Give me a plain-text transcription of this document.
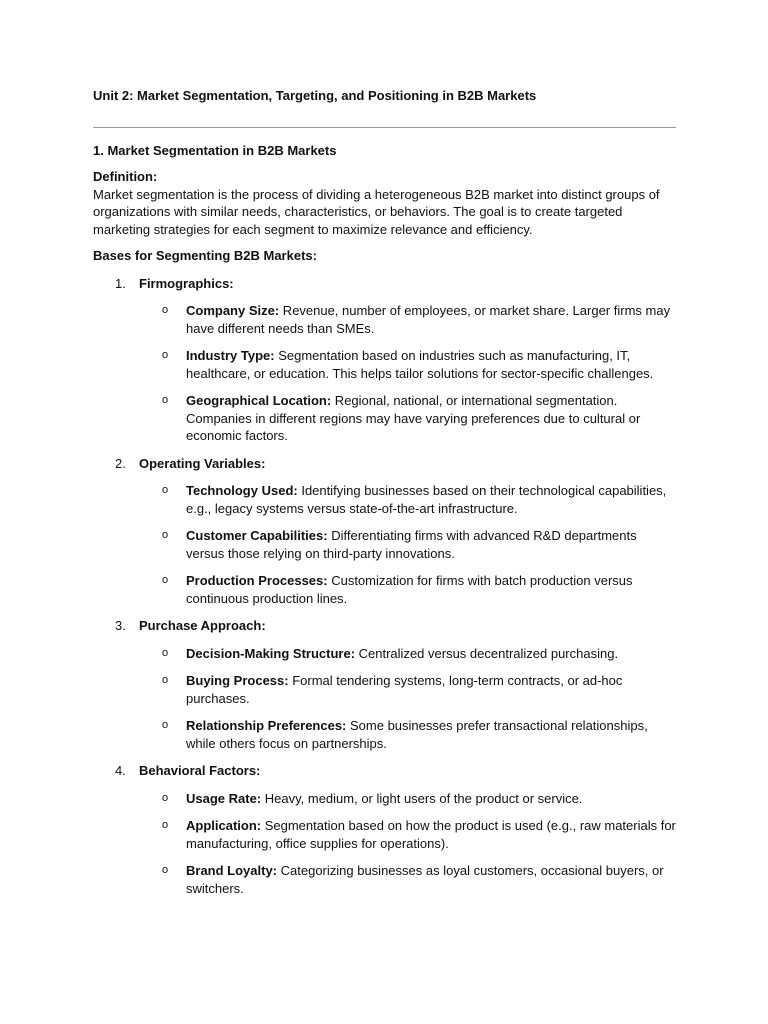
Unit 2: Market Segmentation, Targeting, and Positioning in B2B Markets

1. Market Segmentation in B2B Markets

Definition:

Market segmentation is the process of dividing a heterogeneous B2B market into distinct groups of organizations with similar needs, characteristics, or behaviors. The goal is to create targeted marketing strategies for each segment to maximize relevance and efficiency.

Bases for Segmenting B2B Markets:

1. Firmographics:
o Company Size: Revenue, number of employees, or market share. Larger firms may have different needs than SMEs.
o Industry Type: Segmentation based on industries such as manufacturing, IT, healthcare, or education. This helps tailor solutions for sector-specific challenges.
o Geographical Location: Regional, national, or international segmentation. Companies in different regions may have varying preferences due to cultural or economic factors.
2. Operating Variables:
o Technology Used: Identifying businesses based on their technological capabilities, e.g., legacy systems versus state-of-the-art infrastructure.
o Customer Capabilities: Differentiating firms with advanced R&D departments versus those relying on third-party innovations.
o Production Processes: Customization for firms with batch production versus continuous production lines.
3. Purchase Approach:
o Decision-Making Structure: Centralized versus decentralized purchasing.
o Buying Process: Formal tendering systems, long-term contracts, or ad-hoc purchases.
o Relationship Preferences: Some businesses prefer transactional relationships, while others focus on partnerships.
4. Behavioral Factors:
o Usage Rate: Heavy, medium, or light users of the product or service.
o Application: Segmentation based on how the product is used (e.g., raw materials for manufacturing, office supplies for operations).
o Brand Loyalty: Categorizing businesses as loyal customers, occasional buyers, or switchers.
